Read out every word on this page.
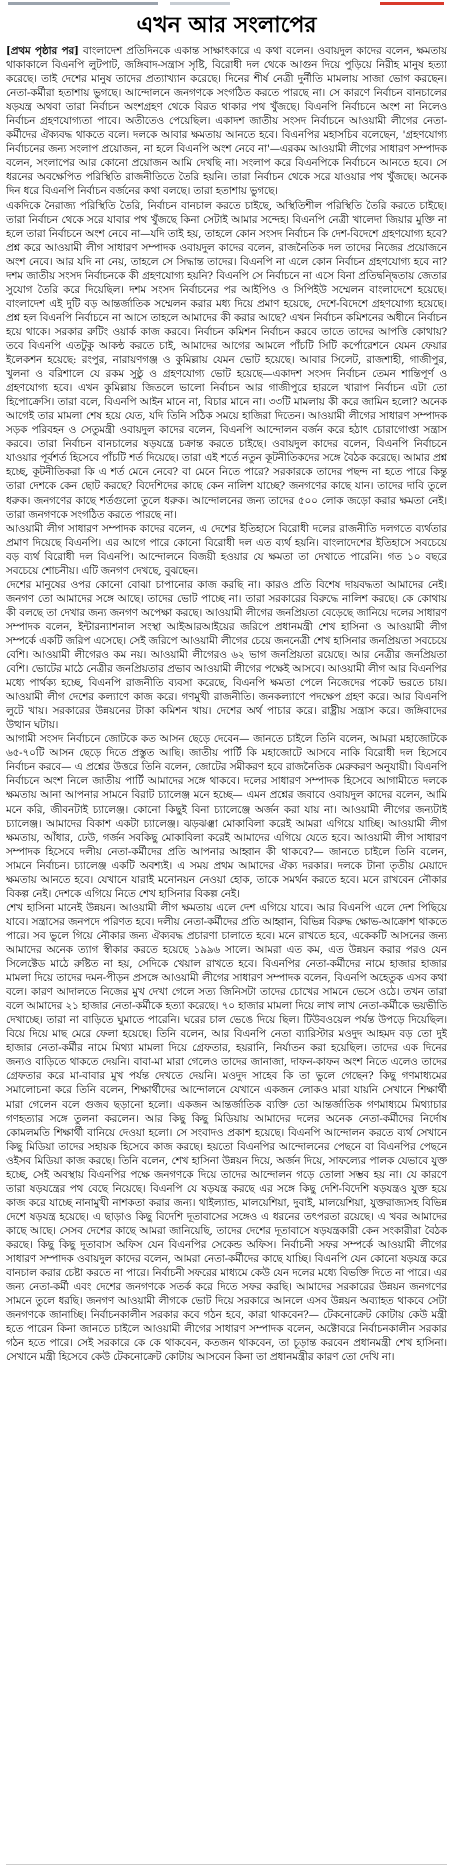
এখন আর সংলাপের

[প্রথম পৃষ্ঠার পর] বাংলাদেশ প্রতিদিনকে একান্ত সাক্ষাৎকারে এ কথা বলেন। ওবায়দুল কাদের বলেন, ক্ষমতায় থাকাকালে বিএনপি লুটপাট, জঙ্গিবাদ-সন্ত্রাস সৃষ্টি, বিরোধী দল থেকে আগুন দিয়ে পুড়িয়ে নিরীহ মানুষ হত্যা করেছে। তাই দেশের মানুষ তাদের প্রত্যাখ্যান করেছে। দিনের শীর্ষ নেত্রী দুর্নীতি মামলায় সাজা ভোগ করছেন। নেতা-কর্মীরা হতাশায় ভুগছে। আন্দোলনে জনগণকে সংগঠিত করতে পারছে না। সে কারণে নির্বাচন বানচালের ষড়যন্ত্র অথবা তারা নির্বাচন অংশগ্রহণ থেকে বিরত থাকার পথ খুঁজছে। বিএনপি নির্বাচনে অংশ না নিলেও নির্বাচন গ্রহণযোগ্যতা পাবে। অতীতেও পেয়েছিল। একাদশ জাতীয় সংসদ নির্বাচনে আওয়ামী লীগের নেতা-কর্মীদের ঐক্যবদ্ধ থাকতে বলে। দলকে আবার ক্ষমতায় আনতে হবে। বিএনপির মহাসচিব বলেছেন, 'গ্রহণযোগ্য নির্বাচনের জন্য সংলাপ প্রয়োজন, না হলে বিএনপি অংশ নেবে না'—এরকম আওয়ামী লীগের সাধারণ সম্পাদক বলেন, সংলাপের আর কোনো প্রয়োজন আমি দেখছি না। সংলাপ করে বিএনপিকে নির্বাচনে আনতে হবে। সে ধরনের অবক্ষেপিত পরিস্থিতি রাজনীতিতে তৈরি হয়নি। তারা নির্বাচন থেকে সরে যাওয়ার পথ খুঁজছে। অনেক দিন ধরে বিএনপি নির্বাচন বর্জনের কথা বলছে। তারা হতাশায় ভুগছে।

একদিকে নৈরাজ্য পরিস্থিতি তৈরি, নির্বাচন বানচাল করতে চাইছে, অস্থিতিশীল পরিস্থিতি তৈরি করতে চাইছে। তারা নির্বাচন থেকে সরে যাবার পথ খুঁজছে কিনা সেটাই আমার সন্দেহ। বিএনপি নেত্রী খালেদা জিয়ার মুক্তি না হলে তারা নির্বাচনে অংশ নেবে না—যদি তাই হয়, তাহলে কোন সংসদ নির্বাচন কি দেশ-বিদেশে গ্রহণযোগ্য হবে? প্রশ্ন করে আওয়ামী লীগ সাধারণ সম্পাদক ওবায়দুল কাদের বলেন, রাজনৈতিক দল তাদের নিজের প্রয়োজনে অংশ নেবে। আর যদি না নেয়, তাহলে সে সিদ্ধান্ত তাদের। বিএনপি না এলে কোন নির্বাচন গ্রহণযোগ্য হবে না? দশম জাতীয় সংসদ নির্বাচনকে কী গ্রহণযোগ্য হয়নি? বিএনপি সে নির্বাচনে না এসে বিনা প্রতিদ্বন্দ্বিতায় জেতার সুযোগ তৈরি করে দিয়েছিল। দশম সংসদ নির্বাচনের পর আইপিও ও সিপিইউ সম্মেলন বাংলাদেশে হয়েছে। বাংলাদেশ এই দুটি বড় আন্তর্জাতিক সম্মেলন করার মধ্য দিয়ে প্রমাণ হয়েছে, দেশে-বিদেশে গ্রহণযোগ্য হয়েছে। প্রশ্ন হল বিএনপি নির্বাচনে না আসে তাহলে আমাদের কী করার আছে? এখন নির্বাচন কমিশনের অধীনে নির্বাচন হয়ে থাকে। সরকার রুটিং ওয়ার্ক কাজ করবে। নির্বাচন কমিশন নির্বাচন করবে তাতে তাদের আপত্তি কোথায়? তবে বিএনপি এতটুকু আকন্ঠ করতে চাই, আমাদের আগের আমলে পাঁচটি সিটি কর্পোরেশনে যেমন ফেয়ার ইলেকশন হয়েছে: রংপুর, নারায়ণগঞ্জ ও কুমিল্লায় যেমন ভোট হয়েছে। আবার সিলেট, রাজশাহী, গাজীপুর, খুলনা ও বরিশালে যে রকম সুষ্ঠু ও গ্রহণযোগ্য ভোট হয়েছে—একাদশ সংসদ নির্বাচন তেমন শান্তিপূর্ণ ও গ্রহণযোগ্য হবে। এখন কুমিল্লায় জিতলে ভালো নির্বাচন আর গাজীপুরে হারলে খারাপ নির্বাচন এটা তো হিপোক্রেসি। তারা বলে, বিএনপি আইন মানে না, বিচার মানে না। ৩৩টি মামলায় কী করে জামিন হলো? অনেক আগেই তার মামলা শেষ হয়ে যেত, যদি তিনি সঠিক সময়ে হাজিরা দিতেন। আওয়ামী লীগের সাধারণ সম্পাদক সড়ক পরিবহন ও সেতুমন্ত্রী ওবায়দুল কাদের বলেন, বিএনপি আন্দোলন বর্জন করে হঠাৎ চোরাগোপ্তা সন্ত্রাস করবে। তারা নির্বাচন বানচালের ষড়যন্ত্রে চক্রান্ত করতে চাইছে। ওবায়দুল কাদের বলেন, বিএনপি নির্বাচনে যাওয়ার পূর্বশর্ত হিসেবে পাঁচটি শর্ত দিয়েছে। তারা এই শর্তে নতুন কূটনীতিকদের সঙ্গে বৈঠক করেছে। আমার প্রশ্ন হচ্ছে, কূটনীতিকরা কি এ শর্ত মেনে নেবে? বা মেনে নিতে পারে? সরকারকে তাদের পছন্দ না হতে পারে কিন্তু তারা দেশকে কেন ছোট করছে? বিদেশিদের কাছে কেন নালিশ যাচ্ছে? জনগণের কাছে যান। তাদের দাবি তুলে ধরুক। জনগণের কাছে শর্তগুলো তুলে ধরুক। আন্দোলনের জন্য তাদের ৫০০ লোক জড়ো করার ক্ষমতা নেই। তারা জনগণকে সংগঠিত করতে পারছে না।

আওয়ামী লীগ সাধারণ সম্পাদক কাদের বলেন, এ দেশের ইতিহাসে বিরোধী দলের রাজনীতি দলগতে ব্যর্থতার প্রমাণ দিয়েছে বিএনপি। এর আগে পারে কোনো বিরোধী দল এত ব্যর্থ হয়নি। বাংলাদেশের ইতিহাসে সবচেয়ে বড় ব্যর্থ বিরোধী দল বিএনপি। আন্দোলনে বিজয়ী হওয়ার যে ক্ষমতা তা দেখাতে পারেনি। গত ১০ বছরে সবচেয়ে শোচনীয়। এটি জনগণ দেখছে, বুঝছেন।

দেশের মানুষের ওপর কোনো বোঝা চাপানোর কাজ করছি না। কারও প্রতি বিশেষ দায়বদ্ধতা আমাদের নেই। জনগণ তো আমাদের সঙ্গে আছে। তাদের ভোট পাচ্ছে না। তারা সরকারের বিরুদ্ধে নালিশ করছে। কে কোথায় কী বলছে তা দেখার জন্য জনগণ অপেক্ষা করছে। আওয়ামী লীগের জনপ্রিয়তা বেড়েছে জানিয়ে দলের সাধারণ সম্পাদক বলেন, ইন্টারন্যাশনাল সংস্থা আইআরআইয়ের জরিপে প্রধানমন্ত্রী শেখ হাসিনা ও আওয়ামী লীগ সম্পর্কে একটি জরিপ এসেছে। সেই জরিপে আওয়ামী লীগের চেয়ে জননেত্রী শেখ হাসিনার জনপ্রিয়তা সবচেয়ে বেশি। আওয়ামী লীগেরও কম নয়। আওয়ামী লীগেরও ৬২ ভাগ জনপ্রিয়তা রয়েছে। আর নেত্রীর জনপ্রিয়তা বেশি। ভোটের মাঠে নেত্রীর জনপ্রিয়তার প্রভাব আওয়ামী লীগের পক্ষেই আসবে। আওয়ামী লীগ আর বিএনপির মধ্যে পার্থক্য হচ্ছে, বিএনপি রাজনীতি ব্যবসা করেছে, বিএনপি ক্ষমতা পেলে নিজেদের পকেট ভরতে চায়। আওয়ামী লীগ দেশের কল্যাণে কাজ করে। গণমুখী রাজনীতি। জনকল্যাণে পদক্ষেপ গ্রহণ করে। আর বিএনপি লুটে খায়। সরকারের উন্নয়নের টাকা কমিশন খায়। দেশের অর্থ পাচার করে। রাষ্ট্রীয় সন্ত্রাস করে। জঙ্গিবাদের উত্থান ঘটায়।

আগামী সংসদ নির্বাচনে জোটকে কত আসন ছেড়ে দেবেন— জানতে চাইলে তিনি বলেন, আমরা মহাজোটকে ৬৫-৭০টি আসন ছেড়ে দিতে প্রস্তুত আছি। জাতীয় পার্টি কি মহাজোটে আসবে নাকি বিরোধী দল হিসেবে নির্বাচন করবে— এ প্রশ্নের উত্তরে তিনি বলেন, জোটের সমীকরণ হবে রাজনৈতিক মেরুকরণ অনুযায়ী। বিএনপি নির্বাচনে অংশ নিলে জাতীয় পার্টি আমাদের সঙ্গে থাকবে। দলের সাধারণ সম্পাদক হিসেবে আগামীতে দলকে ক্ষমতায় আনা আপনার সামনে বিরাট চ্যালেঞ্জ মনে হচ্ছে— এমন প্রশ্নের জবাবে ওবায়দুল কাদের বলেন, আমি মনে করি, জীবনটাই চ্যালেঞ্জ। কোনো কিছুই বিনা চ্যালেঞ্জে অর্জন করা যায় না। আওয়ামী লীগের জন্যটাই চ্যালেঞ্জ। আমাদের বিকাশ একটা চ্যালেঞ্জ। ঝড়ঝঞ্ঝা মোকাবিলা করেই আমরা এগিয়ে যাচ্ছি। আওয়ামী লীগ ক্ষমতায়, আঁধার, ঢেউ, গর্জন সবকিছু মোকাবিলা করেই আমাদের এগিয়ে যেতে হবে। আওয়ামী লীগ সাধারণ সম্পাদক হিসেবে দলীয় নেতা-কর্মীদের প্রতি আপনার আহ্বান কী থাকবে?— জানতে চাইলে তিনি বলেন, সামনে নির্বাচন। চ্যালেঞ্জ একটি অবশ্যই। এ সময় প্রথম আমাদের ঐক্য দরকার। দলকে টানা তৃতীয় মেয়াদে ক্ষমতায় আনতে হবে। যেখানে যারাই মনোনয়ন নেওয়া হোক, তাকে সমর্থন করতে হবে। মনে রাখবেন নৌকার বিকল্প নেই। দেশকে এগিয়ে নিতে শেখ হাসিনার বিকল্প নেই।

শেখ হাসিনা মানেই উন্নয়ন। আওয়ামী লীগ ক্ষমতায় এলে দেশ এগিয়ে যাবে। আর বিএনপি এলে দেশ পিছিয়ে যাবে। সন্ত্রাসের জনপদে পরিণত হবে। দলীয় নেতা-কর্মীদের প্রতি আহ্বান, বিভিন্ন বিরুদ্ধ ক্ষোভ-আক্রোশ থাকতে পারে। সব ভুলে গিয়ে নৌকার জন্য ঐক্যবদ্ধ প্রচারণা চালাতে হবে। মনে রাখতে হবে, একেকটি আসনের জন্য আমাদের অনেক ত্যাগ স্বীকার করতে হয়েছে ১৯৯৬ সালে। আমরা এত কম, এত উন্নয়ন করার পরও যেন সিলেক্টেড মাঠে রুষ্টিত না হয়, সেদিকে খেয়াল রাখতে হবে। বিএনপির নেতা-কর্মীদের নামে হাজার হাজার মামলা দিয়ে তাদের দমন-পীড়ন প্রসঙ্গে আওয়ামী লীগের সাধারণ সম্পাদক বলেন, বিএনপি অহেতুক এসব কথা বলে। কারণ আদালতে নিজের মুখ দেখা গেলে সত্য জিনিসটা তাদের চোখের সামনে ভেসে ওঠে। তখন তারা বলে আমাদের ২১ হাজার নেতা-কর্মীকে হত্যা করেছে। ৭০ হাজার মামলা দিয়ে লাখ লাখ নেতা-কর্মীকে ভয়ভীতি দেখাচ্ছে। তারা না বাড়িতে ঘুমাতে পারেনি। ঘরের চাল ভেঙে দিয়ে ছিল। টিউবওয়েল পর্যন্ত উপড়ে দিয়েছিল। বিয়ে দিয়ে মাছ মেরে ফেলা হয়েছে। তিনি বলেন, আর বিএনপি নেতা ব্যারিস্টার মওদুদ আহমদ বড় তো দুই হাজার নেতা-কর্মীর নামে মিথ্যা মামলা দিয়ে গ্রেফতার, হয়রানি, নির্যাতন করা হয়েছিল। তাদের এক দিনের জন্যও বাড়িতে থাকতে দেয়নি। বাবা-মা মারা গেলেও তাদের জানাজা, দাফন-কাফন অংশ নিতে এলেও তাদের গ্রেফতার করে মা-বাবার মুখ পর্যন্ত দেখতে দেয়নি। মওদুদ সাহেব কি তা ভুলে গেছেন? কিছু গণমাধ্যমের সমালোচনা করে তিনি বলেন, শিক্ষার্থীদের আন্দোলনে যেখানে একজন লোকও মারা যায়নি সেখানে শিক্ষার্থী মারা গেলেন বলে গুজব ছড়ানো হলো। একজন আন্তর্জাতিক ব্যক্তি তো আন্তর্জাতিক গণমাধ্যমে মিথ্যাচার গণহত্যার সঙ্গে তুলনা করলেন। আর কিছু কিছু মিডিয়ায় আমাদের দলের অনেক নেতা-কর্মীদের নির্দোষ কোমলমতি শিক্ষার্থী বানিয়ে দেওয়া হলো। সে সংবাদও প্রকাশ হয়েছে। বিএনপি আন্দোলন করতে ব্যর্থ সেখানে কিছু মিডিয়া তাদের সহায়ক হিসেবে কাজ করছে। হয়তো বিএনপির আন্দোলনের পেছনে বা বিএনপির পেছনে ওইসব মিডিয়া কাজ করছে। তিনি বলেন, শেখ হাসিনা উন্নয়ন দিয়ে, অর্জন দিয়ে, সাফল্যের পালক যেভাবে যুক্ত হচ্ছে, সেই অবস্থায় বিএনপির পক্ষে জনগণকে দিয়ে তাদের আন্দোলন গড়ে তোলা সম্ভব হয় না। যে কারণে তারা ষড়যন্ত্রের পথ বেছে নিয়েছে। বিএনপি যে ষড়যন্ত্র করছে এর সঙ্গে কিছু দেশি-বিদেশি ষড়যন্ত্রও যুক্ত হয়ে কাজ করে যাচ্ছে নানামুখী নাশকতা করার জন্য। থাইল্যান্ড, মালয়েশিয়া, দুবাই, মালয়েশিয়া, যুক্তরাজ্যসহ বিভিন্ন দেশে ষড়যন্ত্র হয়েছে। এ ছাড়াও কিছু বিদেশি দূতাবাসের সঙ্গেও এ ধরনের তৎপরতা রয়েছে। এ খবর আমাদের কাছে আছে। সেসব দেশের কাছে আমরা জানিয়েছি, তাদের দেশের দূতাবাসে ষড়যন্ত্রকারী কেন সংকারীরা বৈঠক করছে। কিছু কিছু দূতাবাস অফিস যেন বিএনপির সেকেন্ড অফিস। নির্বাচনী সফর সম্পর্কে আওয়ামী লীগের সাধারণ সম্পাদক ওবায়দুল কাদের বলেন, আমরা নেতা-কর্মীদের কাছে যাচ্ছি। বিএনপি যেন কোনো ষড়যন্ত্র করে বানচাল করার চেষ্টা করতে না পারে। নির্বাচনী সফরের মাধ্যমে কেউ যেন দলের মধ্যে বিভক্তি দিতে না পারে। এর জন্য নেতা-কর্মী এবং দেশের জনগণকে সতর্ক করে দিতে সফর করছি। আমাদের সরকারের উন্নয়ন জনগণের সামনে তুলে ধরছি। জনগণ আওয়ামী লীগকে ভোট দিয়ে সরকারে আনলে এসব উন্নয়ন অব্যাহত থাকবে সেটা জনগণকে জানাচ্ছি। নির্বাচনকালীন সরকার কবে গঠন হবে, কারা থাকবেন?— টেকনোক্রেট কোটায় কেউ মন্ত্রী হতে পারেন কিনা জানতে চাইলে আওয়ামী লীগের সাধারণ সম্পাদক বলেন, অক্টোবরে নির্বাচনকালীন সরকার গঠন হতে পারে। সেই সরকারে কে কে থাকবেন, কতজন থাকবেন, তা চূড়ান্ত করবেন প্রধানমন্ত্রী শেখ হাসিনা। সেখানে মন্ত্রী হিসেবে কেউ টেকনোক্রেট কোটায় আসবেন কিনা তা প্রধানমন্ত্রীর কারণ তো দেখি না।
